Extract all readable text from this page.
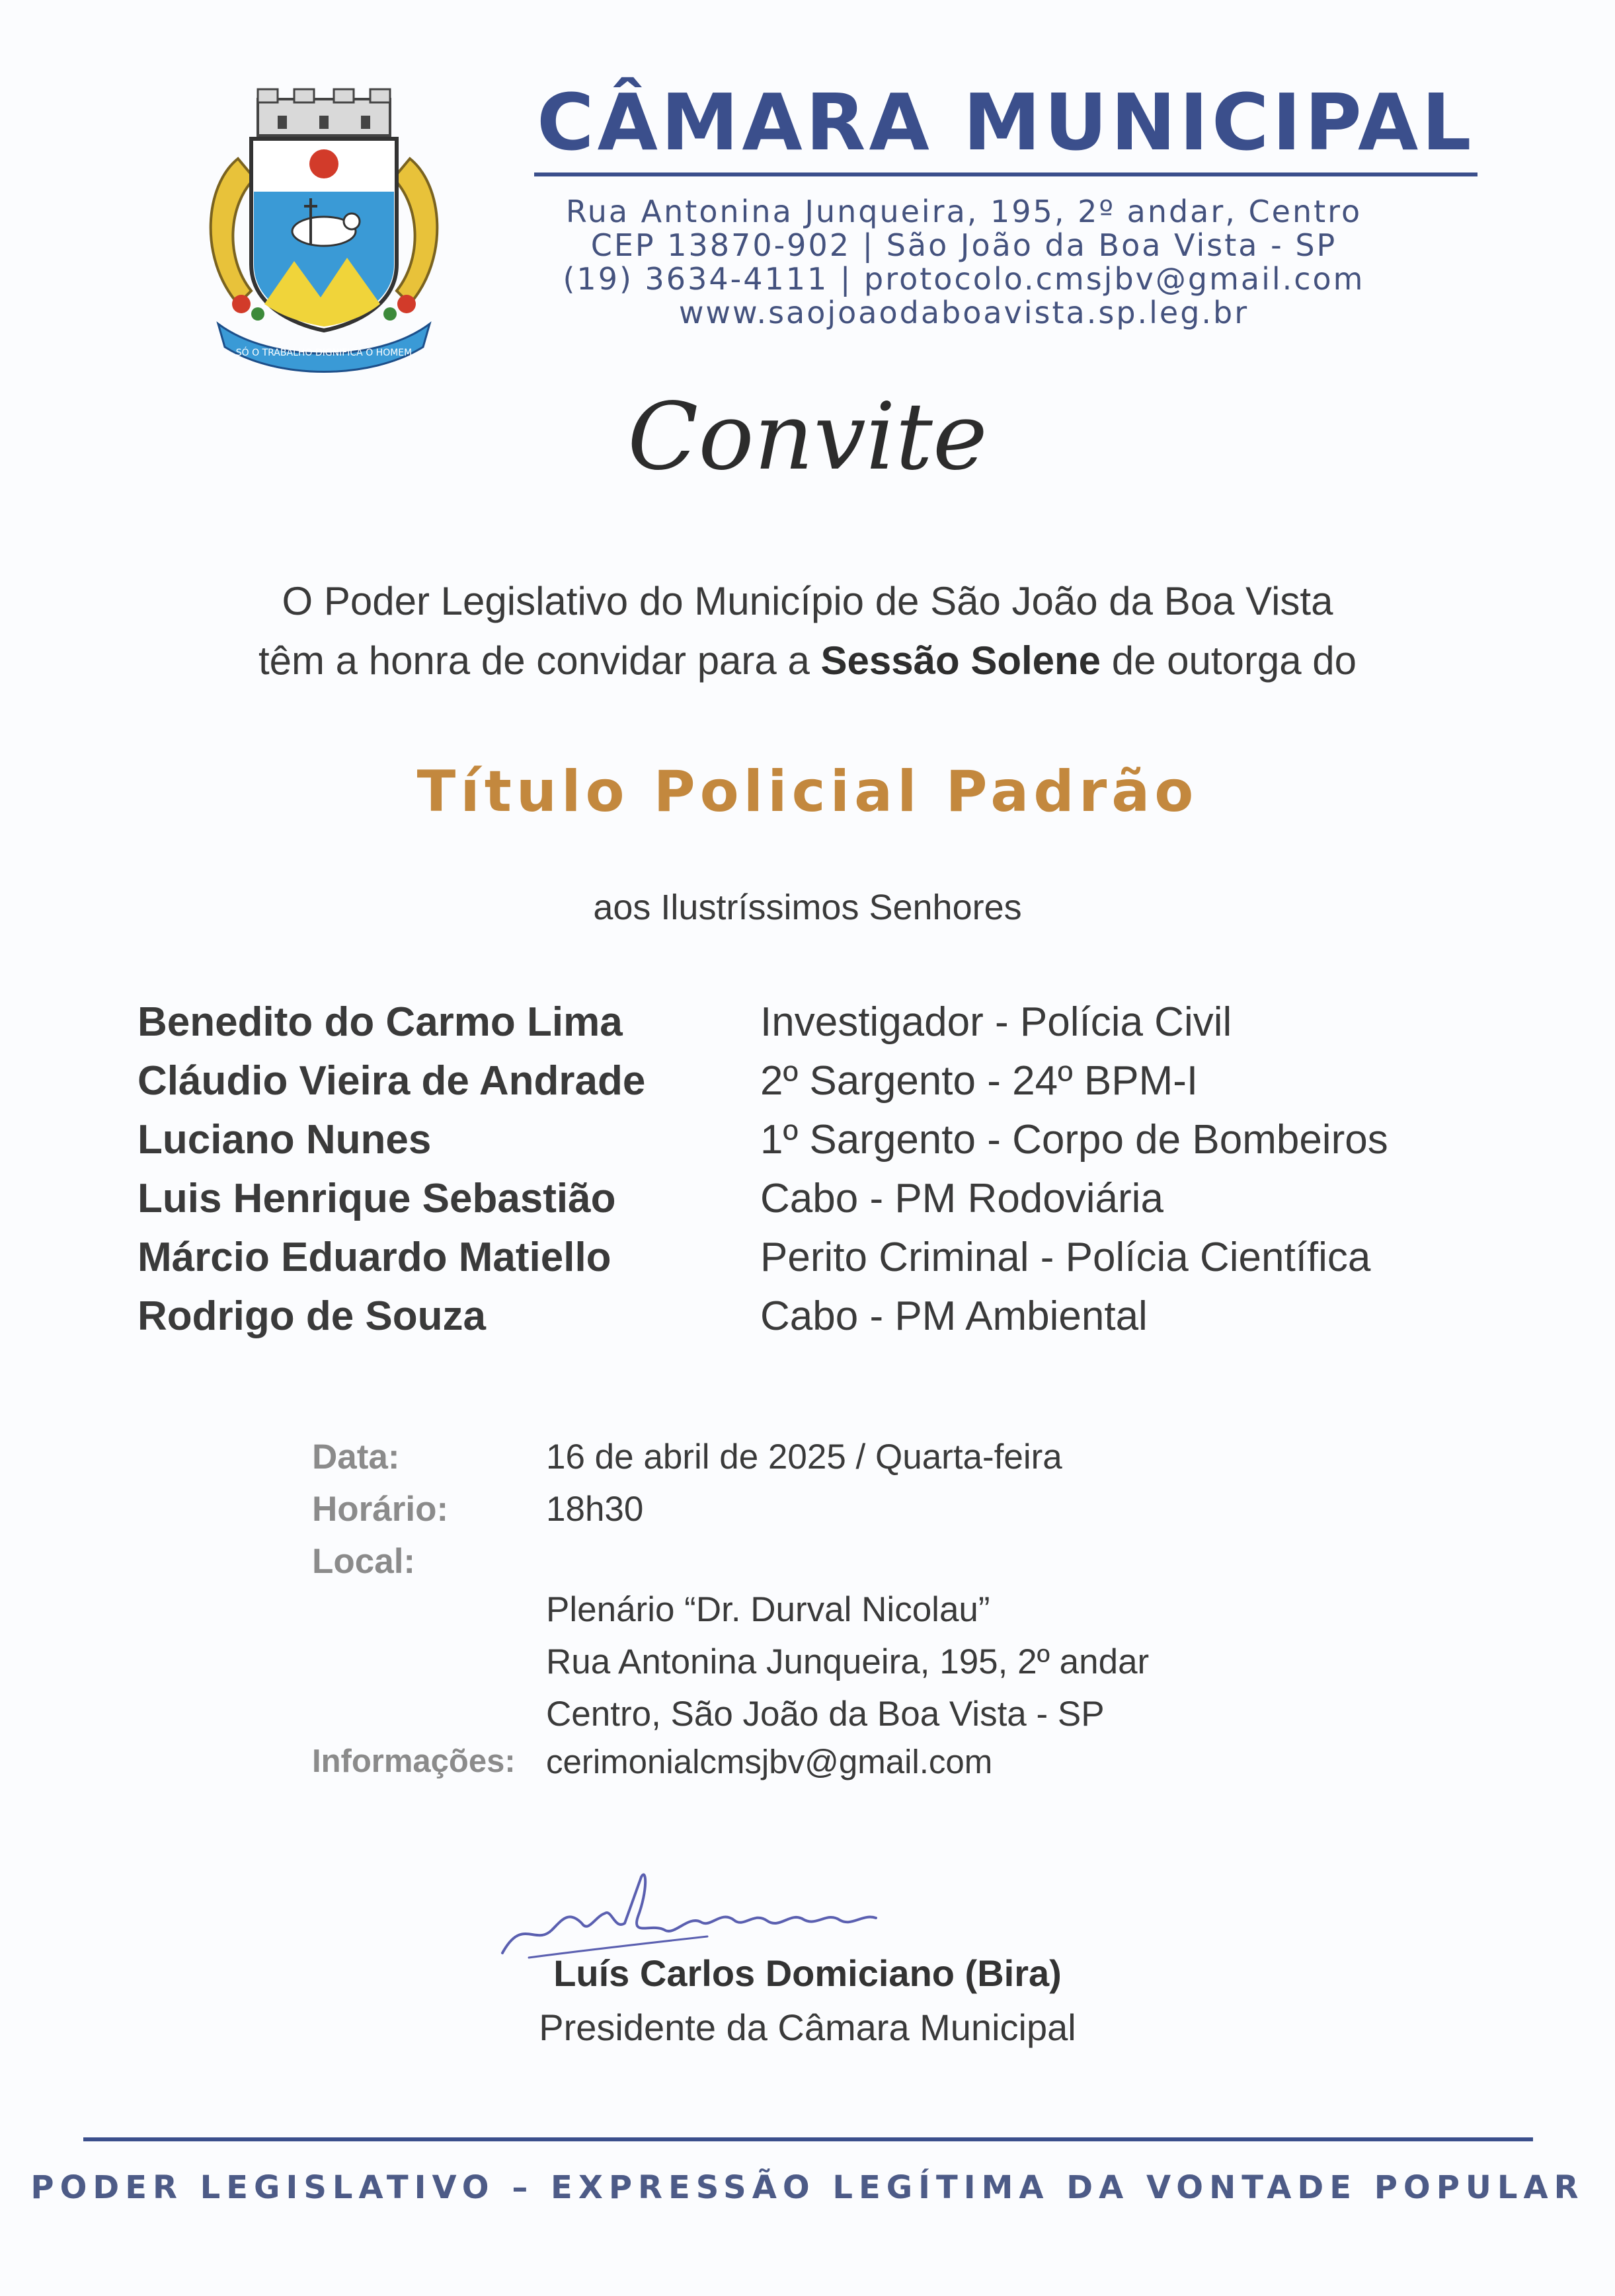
SÓ O TRABALHO DIGNIFICA O HOMEM
CÂMARA MUNICIPAL
Rua Antonina Junqueira, 195, 2º andar, Centro
CEP 13870-902 | São João da Boa Vista - SP
(19) 3634-4111 | protocolo.cmsjbv@gmail.com
www.saojoaodaboavista.sp.leg.br
Convite
O Poder Legislativo do Município de São João da Boa Vista
têm a honra de convidar para a Sessão Solene de outorga do
Título Policial Padrão
aos Ilustríssimos Senhores
Benedito do Carmo Lima	Investigador - Polícia Civil
Cláudio Vieira de Andrade	2º Sargento - 24º BPM-I
Luciano Nunes	1º Sargento - Corpo de Bombeiros
Luis Henrique Sebastião	Cabo - PM Rodoviária
Márcio Eduardo Matiello	Perito Criminal - Polícia Científica
Rodrigo de Souza	Cabo - PM Ambiental
Data:	16 de abril de 2025 / Quarta-feira
Horário:	18h30
Local:
Plenário “Dr. Durval Nicolau”
Rua Antonina Junqueira, 195, 2º andar
Centro, São João da Boa Vista - SP
Informações: cerimonialcmsjbv@gmail.com
Luís Carlos Domiciano (Bira)
Presidente da Câmara Municipal
PODER LEGISLATIVO – EXPRESSÃO LEGÍTIMA DA VONTADE POPULAR
